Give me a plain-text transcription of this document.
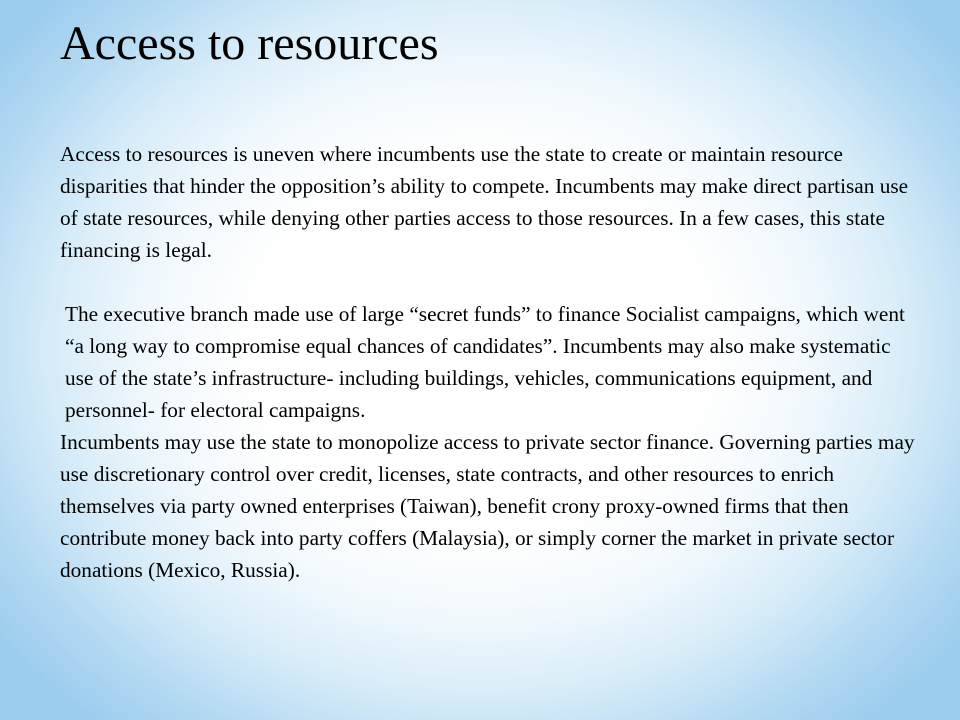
Access to resources

Access to resources is uneven where incumbents use the state to create or maintain resource disparities that hinder the opposition’s ability to compete. Incumbents may make direct partisan use of state resources, while denying other parties access to those resources. In a few cases, this state financing is legal.

The executive branch made use of large “secret funds” to finance Socialist campaigns, which went “a long way to compromise equal chances of candidates”. Incumbents may also make systematic use of the state’s infrastructure- including buildings, vehicles, communications equipment, and personnel- for electoral campaigns.

Incumbents may use the state to monopolize access to private sector finance. Governing parties may use discretionary control over credit, licenses, state contracts, and other resources to enrich themselves via party owned enterprises (Taiwan), benefit crony proxy-owned firms that then contribute money back into party coffers (Malaysia), or simply corner the market in private sector donations (Mexico, Russia).
